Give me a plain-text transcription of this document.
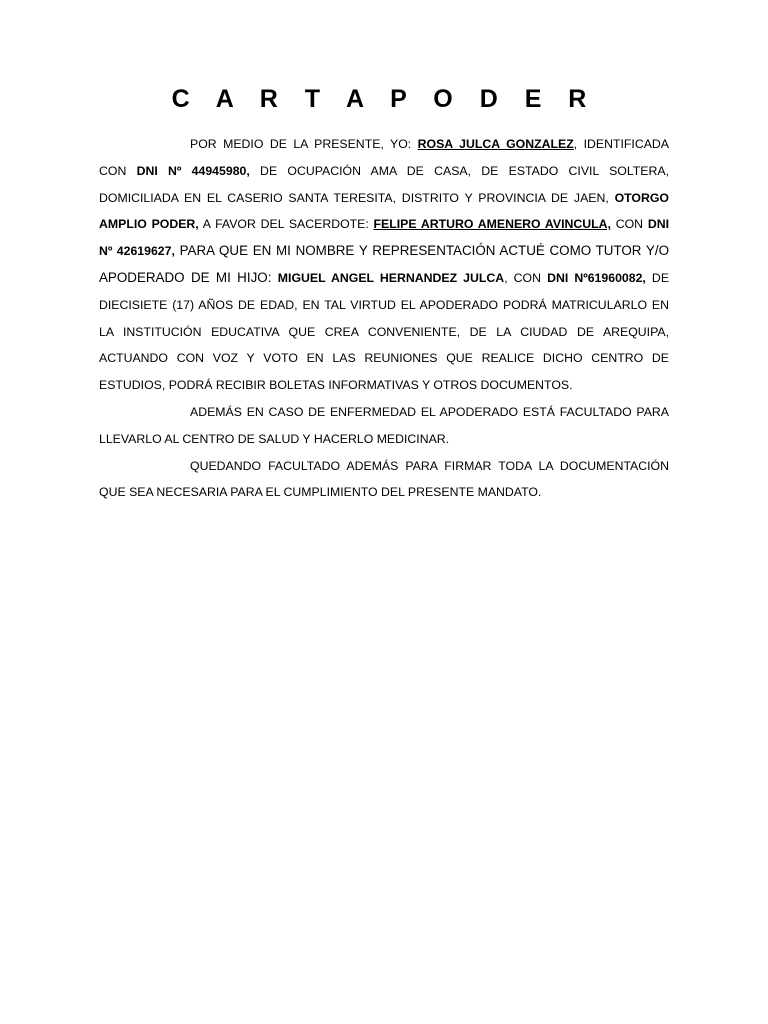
C A R T A P O D E R

POR MEDIO DE LA PRESENTE, YO: ROSA JULCA GONZALEZ, IDENTIFICADA CON DNI Nº 44945980, DE OCUPACIÓN AMA DE CASA, DE ESTADO CIVIL SOLTERA, DOMICILIADA EN EL CASERIO SANTA TERESITA, DISTRITO Y PROVINCIA DE JAEN, OTORGO AMPLIO PODER, A FAVOR DEL SACERDOTE: FELIPE ARTURO AMENERO AVINCULA, CON DNI Nº 42619627, PARA QUE EN MI NOMBRE Y REPRESENTACIÓN ACTUÉ COMO TUTOR Y/O APODERADO DE MI HIJO: MIGUEL ANGEL HERNANDEZ JULCA, CON DNI Nº61960082, DE DIECISIETE (17) AÑOS DE EDAD, EN TAL VIRTUD EL APODERADO PODRÁ MATRICULARLO EN LA INSTITUCIÓN EDUCATIVA QUE CREA CONVENIENTE, DE LA CIUDAD DE AREQUIPA, ACTUANDO CON VOZ Y VOTO EN LAS REUNIONES QUE REALICE DICHO CENTRO DE ESTUDIOS, PODRÁ RECIBIR BOLETAS INFORMATIVAS Y OTROS DOCUMENTOS.

ADEMÁS EN CASO DE ENFERMEDAD EL APODERADO ESTÁ FACULTADO PARA LLEVARLO AL CENTRO DE SALUD Y HACERLO MEDICINAR.

QUEDANDO FACULTADO ADEMÁS PARA FIRMAR TODA LA DOCUMENTACIÓN QUE SEA NECESARIA PARA EL CUMPLIMIENTO DEL PRESENTE MANDATO.
